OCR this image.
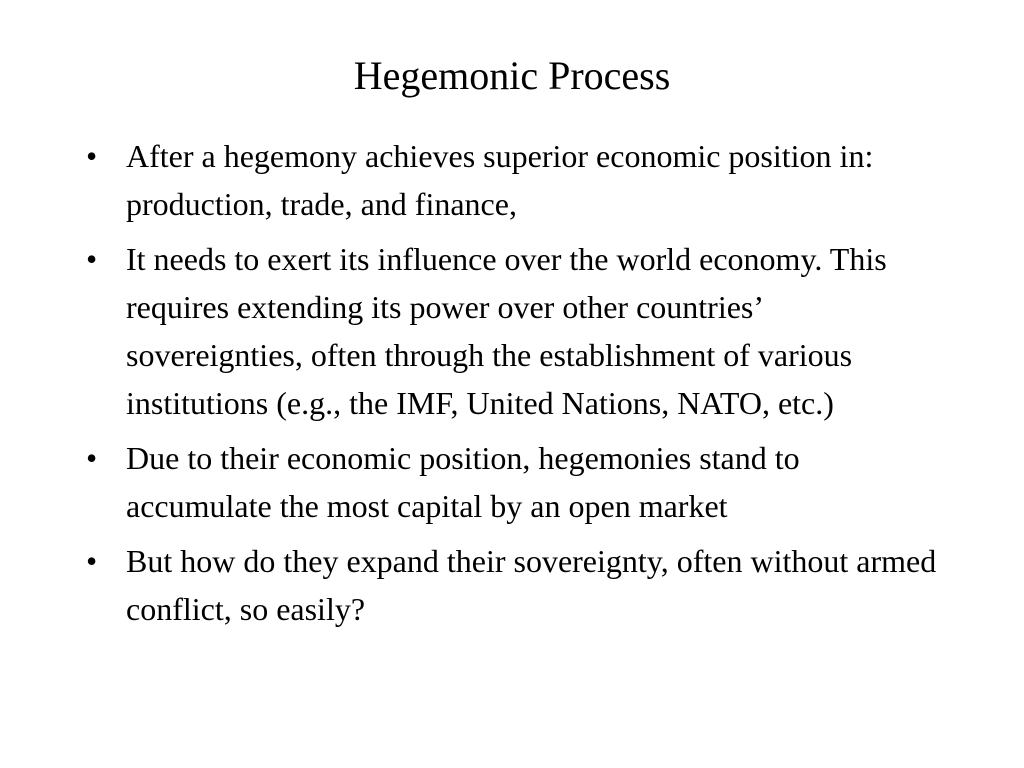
Hegemonic Process
• After a hegemony achieves superior economic position in: production, trade, and finance,
• It needs to exert its influence over the world economy. This requires extending its power over other countries’ sovereignties, often through the establishment of various institutions (e.g., the IMF, United Nations, NATO, etc.)
• Due to their economic position, hegemonies stand to accumulate the most capital by an open market
• But how do they expand their sovereignty, often without armed conflict, so easily?
